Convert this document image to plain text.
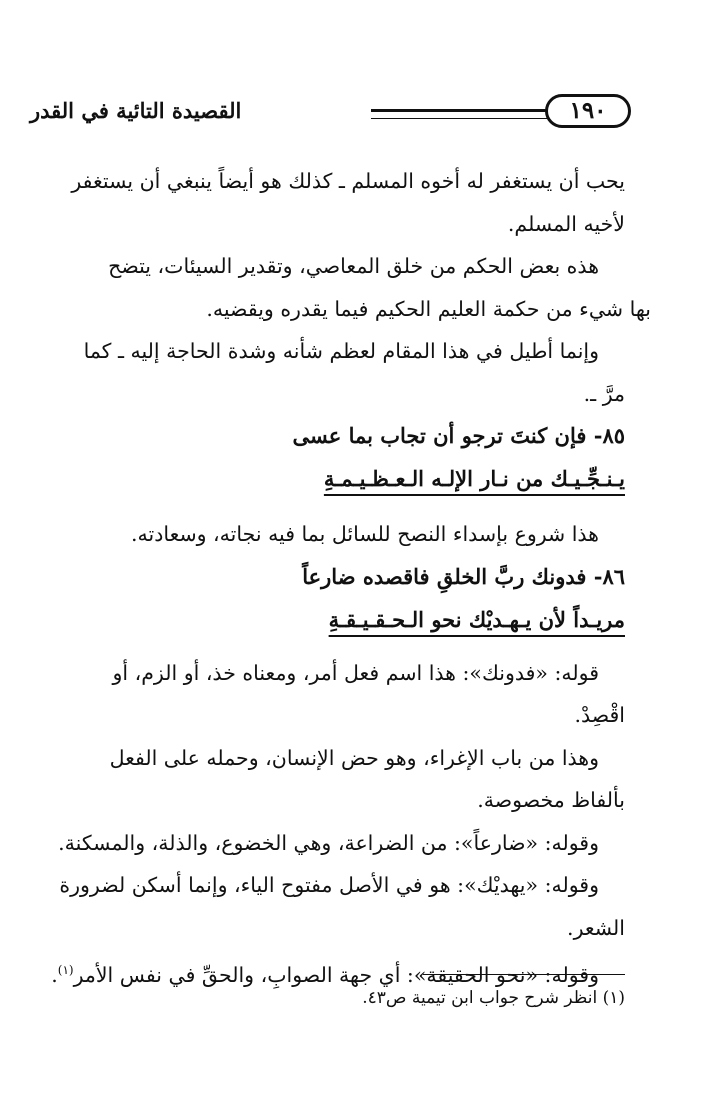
١٩٠
القصيدة التائية في القدر

يحب أن يستغفر له أخوه المسلم ـ كذلك هو أيضاً ينبغي أن يستغفر
لأخيه المسلم.

هذه بعض الحكم من خلق المعاصي، وتقدير السيئات، يتضح
بها شيء من حكمة العليم الحكيم فيما يقدره ويقضيه.

وإنما أطيل في هذا المقام لعظم شأنه وشدة الحاجة إليه ـ كما
مرَّ ـ.

٨٥- فإن كنتَ ترجو أن تجاب بما عسى
يـنـجِّـيـك من نـار الإلـه الـعـظـيـمـةِ

هذا شروع بإسداء النصح للسائل بما فيه نجاته، وسعادته.

٨٦- فدونك ربَّ الخلقِ فاقصده ضارعاً
مريـداً لأن يـهـديْك نحو الـحـقـيـقـةِ

قوله: «فدونك»: هذا اسم فعل أمر، ومعناه خذ، أو الزم، أو
اقْصِدْ.

وهذا من باب الإغراء، وهو حض الإنسان، وحمله على الفعل
بألفاظ مخصوصة.

وقوله: «ضارعاً»: من الضراعة، وهي الخضوع، والذلة، والمسكنة.

وقوله: «يهديْك»: هو في الأصل مفتوح الياء، وإنما أسكن لضرورة
الشعر.

وقوله: «نحو الحقيقة»: أي جهة الصوابِ، والحقِّ في نفس الأمر$^{(١)}$.

(١) انظر شرح جواب ابن تيمية ص٤٣.
